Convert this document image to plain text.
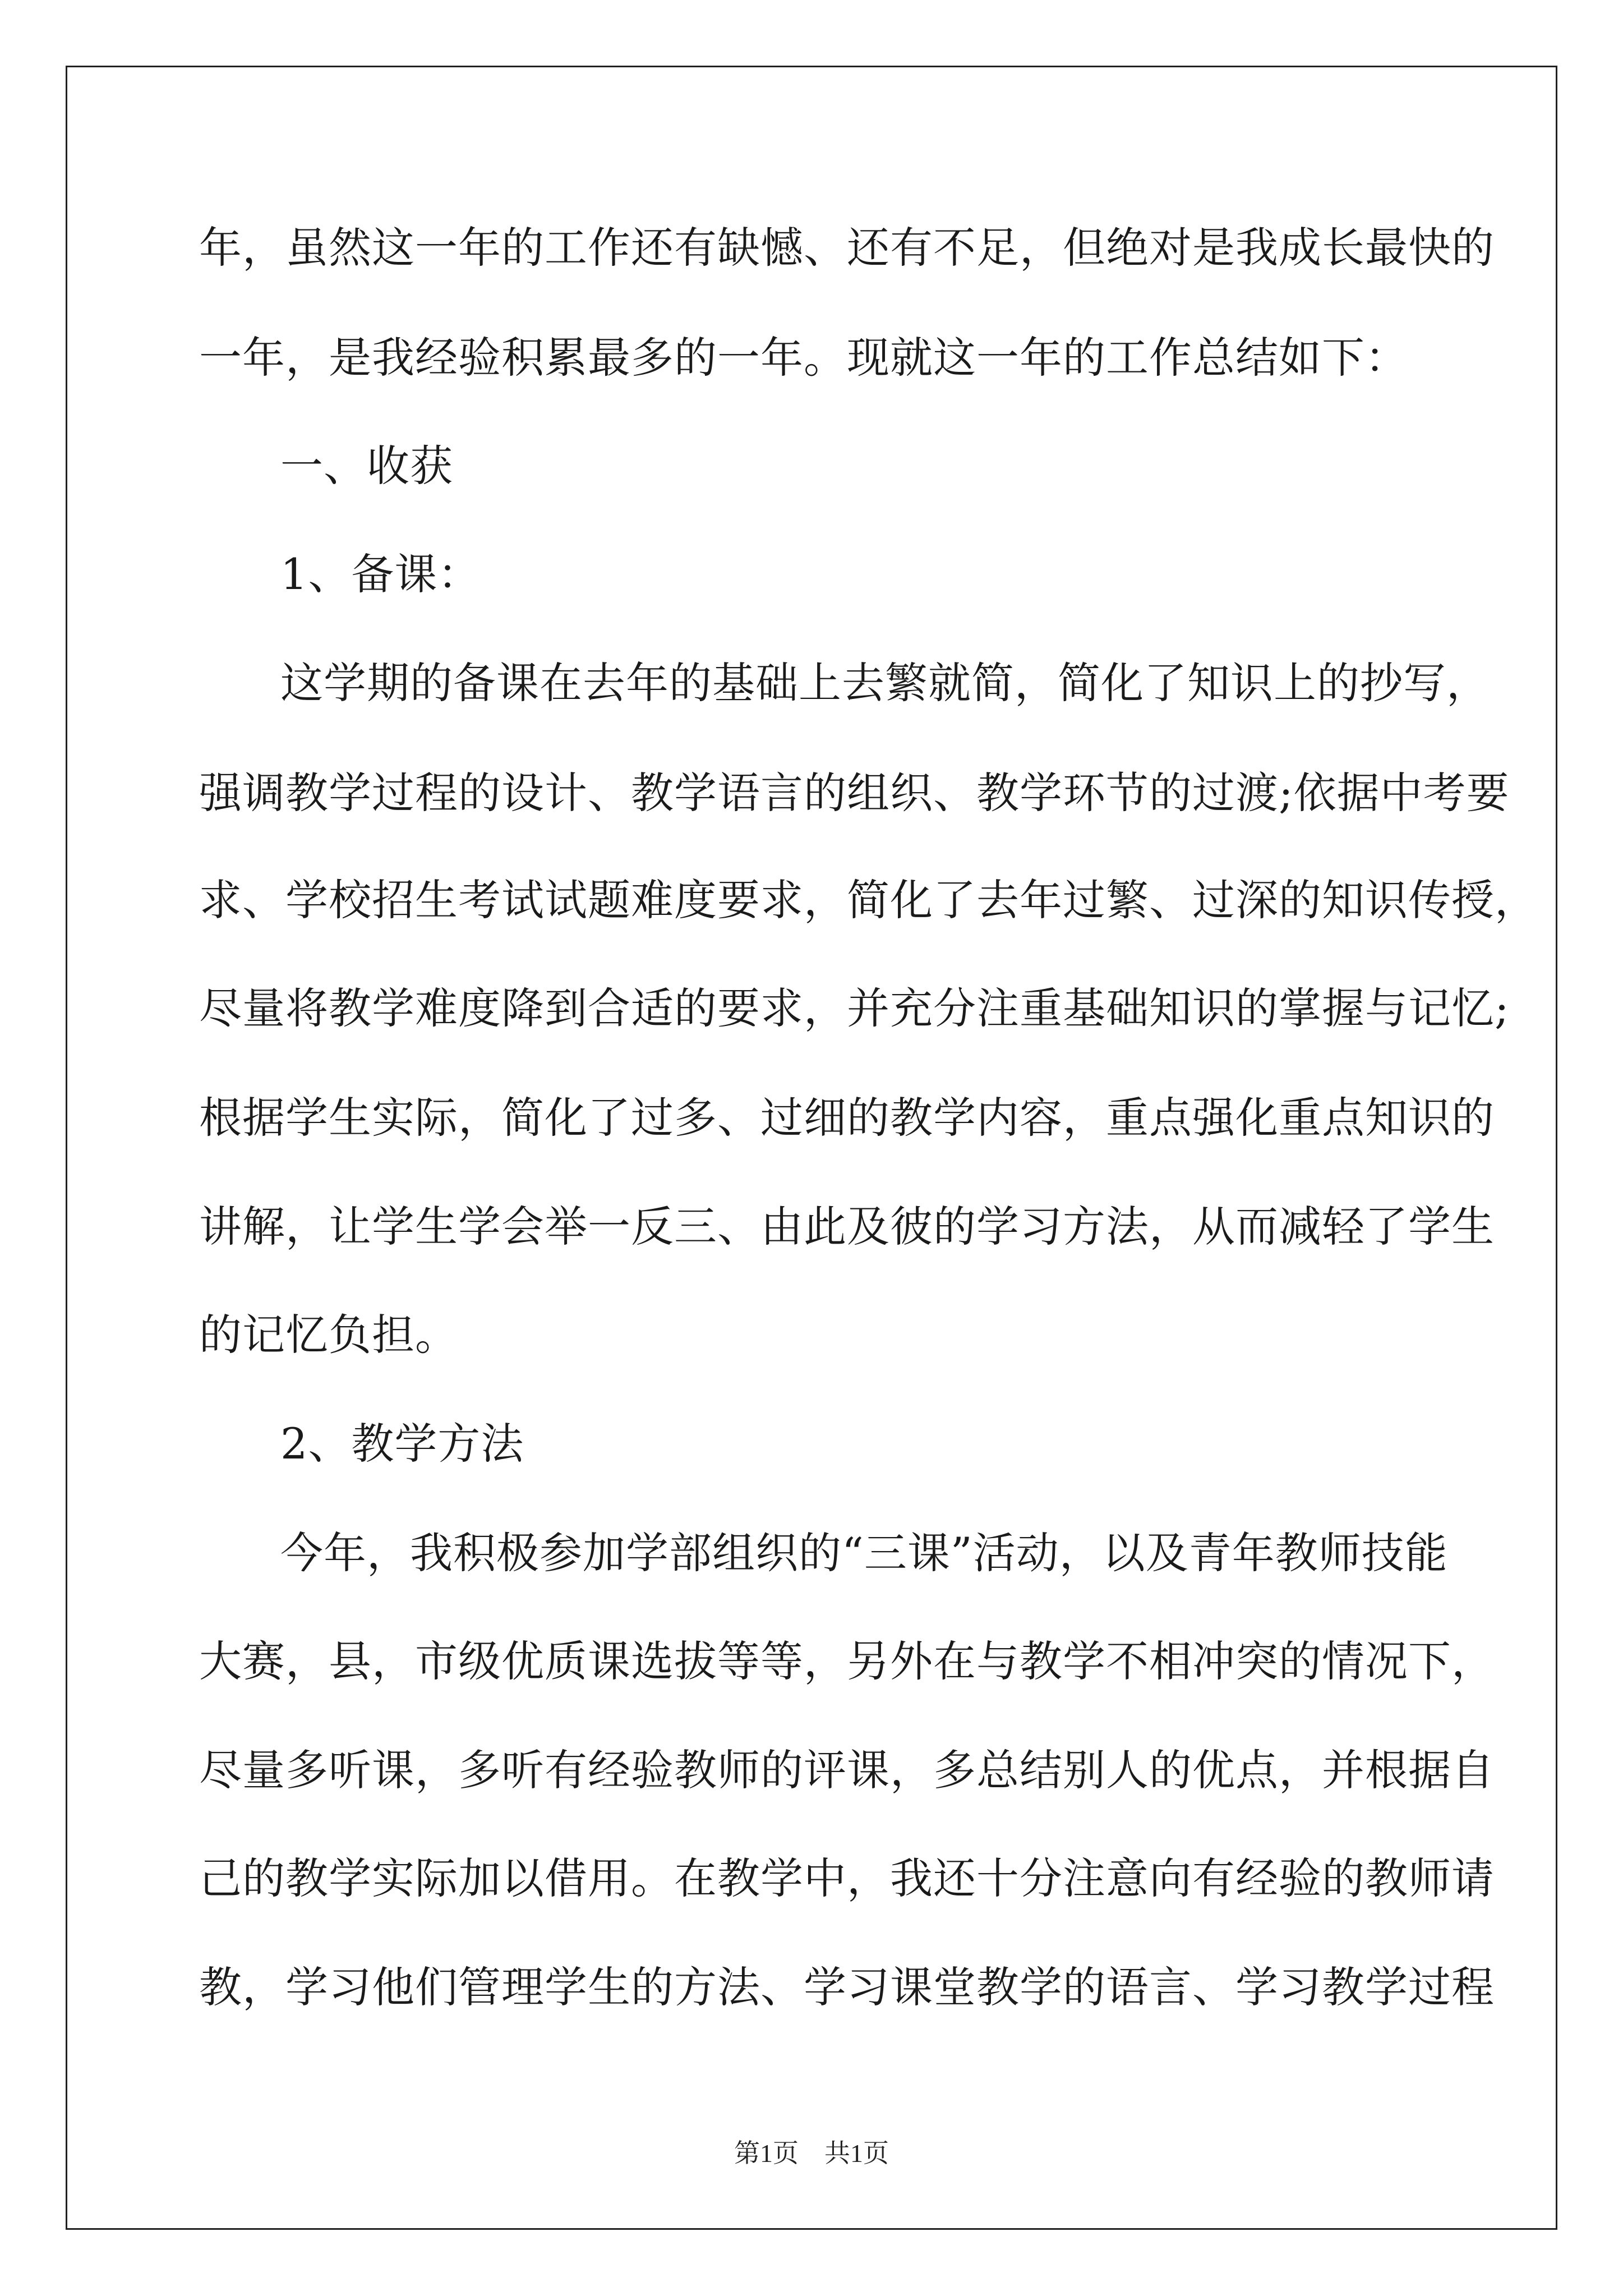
年，虽然这一年的工作还有缺憾、还有不足，但绝对是我成长最快的
一年，是我经验积累最多的一年。现就这一年的工作总结如下：
一、收获
1、备课：
这学期的备课在去年的基础上去繁就简，简化了知识上的抄写，
强调教学过程的设计、教学语言的组织、教学环节的过渡;依据中考要
求、学校招生考试试题难度要求，简化了去年过繁、过深的知识传授，
尽量将教学难度降到合适的要求，并充分注重基础知识的掌握与记忆;
根据学生实际，简化了过多、过细的教学内容，重点强化重点知识的
讲解，让学生学会举一反三、由此及彼的学习方法，从而减轻了学生
的记忆负担。
2、教学方法
今年，我积极参加学部组织的“三课”活动，以及青年教师技能
大赛，县，市级优质课选拔等等，另外在与教学不相冲突的情况下，
尽量多听课，多听有经验教师的评课，多总结别人的优点，并根据自
己的教学实际加以借用。在教学中，我还十分注意向有经验的教师请
教，学习他们管理学生的方法、学习课堂教学的语言、学习教学过程
第1页　共1页
